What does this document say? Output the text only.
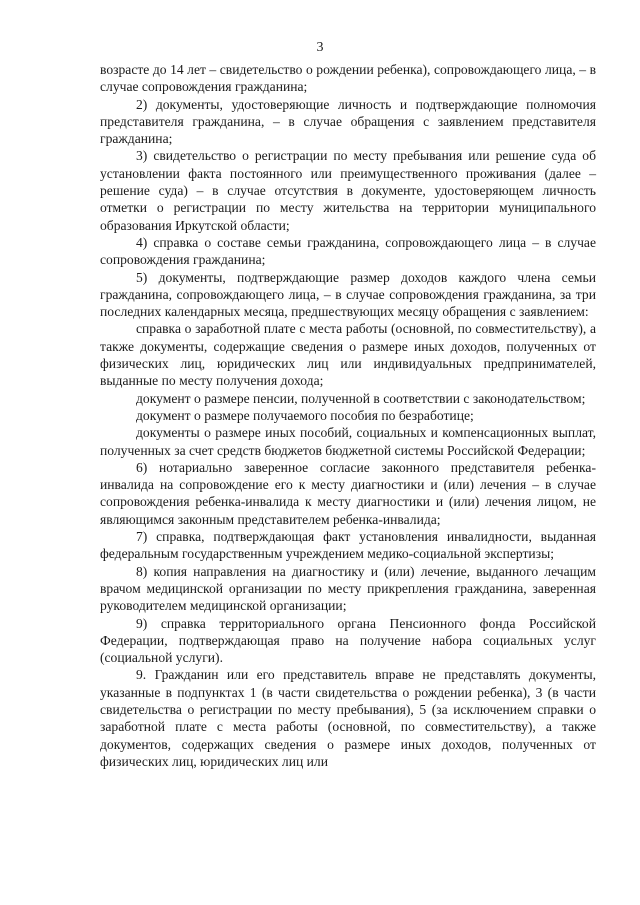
3

возрасте до 14 лет – свидетельство о рождении ребенка), сопровождающего лица, – в случае сопровождения гражданина;

2) документы, удостоверяющие личность и подтверждающие полномочия представителя гражданина, – в случае обращения с заявлением представителя гражданина;

3) свидетельство о регистрации по месту пребывания или решение суда об установлении факта постоянного или преимущественного проживания (далее – решение суда) – в случае отсутствия в документе, удостоверяющем личность отметки о регистрации по месту жительства на территории муниципального образования Иркутской области;

4) справка о составе семьи гражданина, сопровождающего лица – в случае сопровождения гражданина;

5) документы, подтверждающие размер доходов каждого члена семьи гражданина, сопровождающего лица, – в случае сопровождения гражданина, за три последних календарных месяца, предшествующих месяцу обращения с заявлением:

справка о заработной плате с места работы (основной, по совместительству), а также документы, содержащие сведения о размере иных доходов, полученных от физических лиц, юридических лиц или индивидуальных предпринимателей, выданные по месту получения дохода;

документ о размере пенсии, полученной в соответствии с законодательством;

документ о размере получаемого пособия по безработице;

документы о размере иных пособий, социальных и компенсационных выплат, полученных за счет средств бюджетов бюджетной системы Российской Федерации;

6) нотариально заверенное согласие законного представителя ребенка-инвалида на сопровождение его к месту диагностики и (или) лечения – в случае сопровождения ребенка-инвалида к месту диагностики и (или) лечения лицом, не являющимся законным представителем ребенка-инвалида;

7) справка, подтверждающая факт установления инвалидности, выданная федеральным государственным учреждением медико-социальной экспертизы;

8) копия направления на диагностику и (или) лечение, выданного лечащим врачом медицинской организации по месту прикрепления гражданина, заверенная руководителем медицинской организации;

9) справка территориального органа Пенсионного фонда Российской Федерации, подтверждающая право на получение набора социальных услуг (социальной услуги).

9. Гражданин или его представитель вправе не представлять документы, указанные в подпунктах 1 (в части свидетельства о рождении ребенка), 3 (в части свидетельства о регистрации по месту пребывания), 5 (за исключением справки о заработной плате с места работы (основной, по совместительству), а также документов, содержащих сведения о размере иных доходов, полученных от физических лиц, юридических лиц или
